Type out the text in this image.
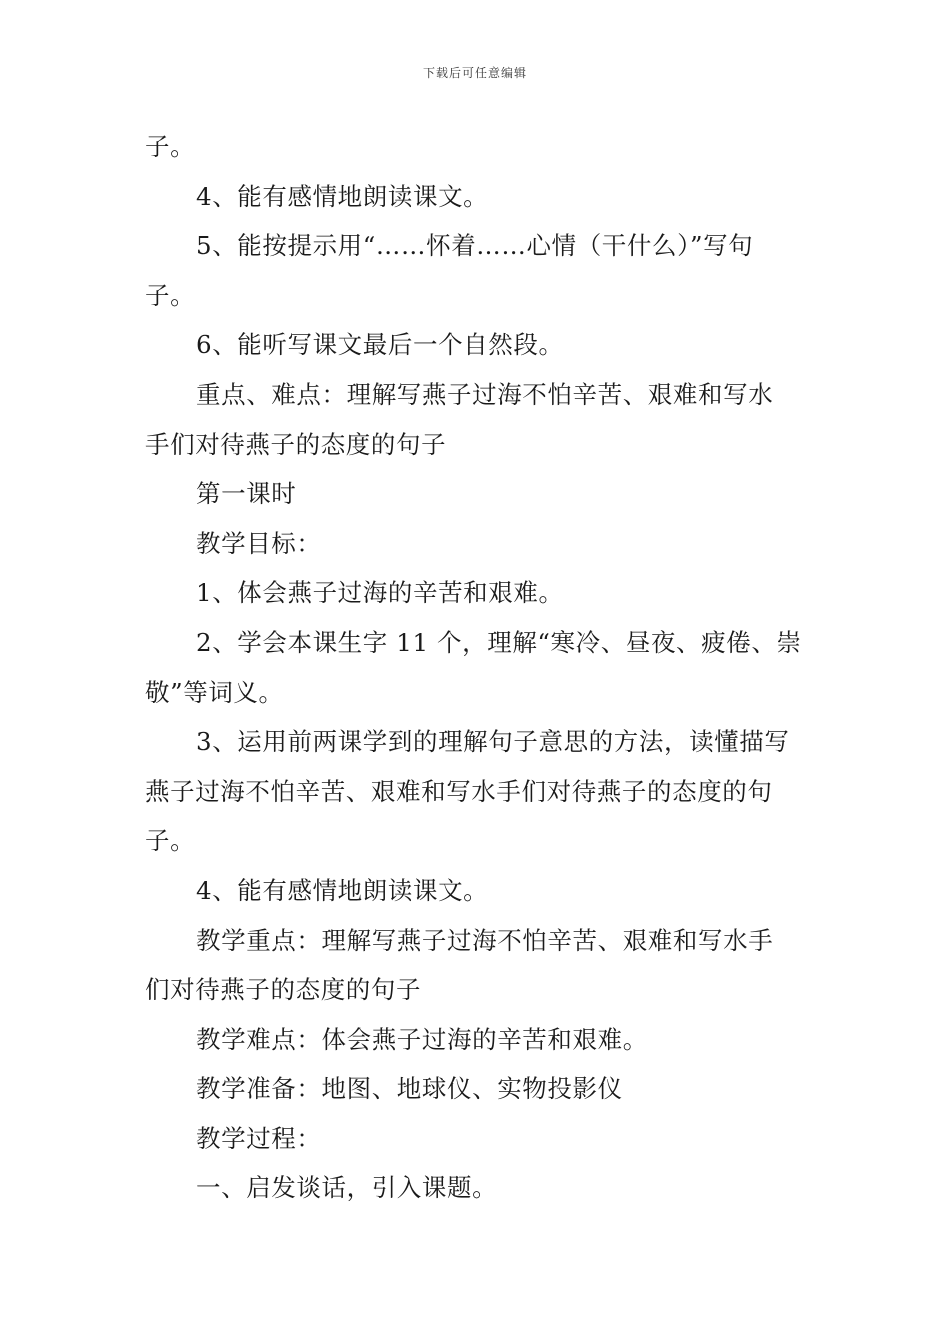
下载后可任意编辑
子。
4、能有感情地朗读课文。
5、能按提示用“……怀着……心情（干什么）”写句
子。
6、能听写课文最后一个自然段。
重点、难点：理解写燕子过海不怕辛苦、艰难和写水
手们对待燕子的态度的句子
第一课时
教学目标：
1、体会燕子过海的辛苦和艰难。
2、学会本课生字 11 个，理解“寒冷、昼夜、疲倦、崇
敬”等词义。
3、运用前两课学到的理解句子意思的方法，读懂描写
燕子过海不怕辛苦、艰难和写水手们对待燕子的态度的句
子。
4、能有感情地朗读课文。
教学重点：理解写燕子过海不怕辛苦、艰难和写水手
们对待燕子的态度的句子
教学难点：体会燕子过海的辛苦和艰难。
教学准备：地图、地球仪、实物投影仪
教学过程：
一、启发谈话，引入课题。
